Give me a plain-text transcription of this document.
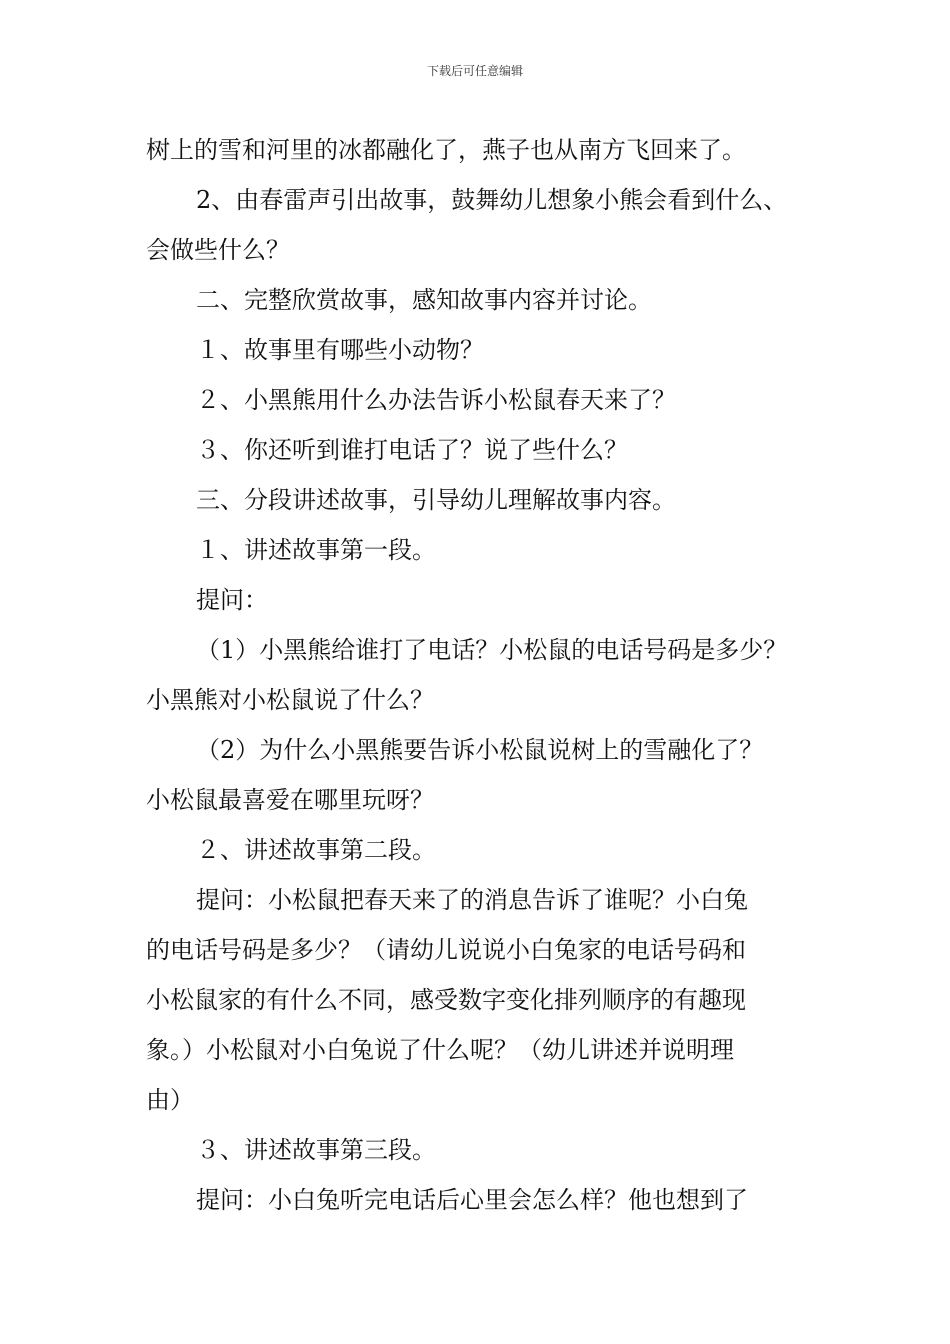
下载后可任意编辑

树上的雪和河里的冰都融化了，燕子也从南方飞回来了。

2、由春雷声引出故事，鼓舞幼儿想象小熊会看到什么、

会做些什么？

二、完整欣赏故事，感知故事内容并讨论。

１、故事里有哪些小动物？

２、小黑熊用什么办法告诉小松鼠春天来了？

３、你还听到谁打电话了？说了些什么？

三、分段讲述故事，引导幼儿理解故事内容。

１、讲述故事第一段。

提问：

（1）小黑熊给谁打了电话？小松鼠的电话号码是多少？

小黑熊对小松鼠说了什么？

（2）为什么小黑熊要告诉小松鼠说树上的雪融化了？

小松鼠最喜爱在哪里玩呀？

２、讲述故事第二段。

提问：小松鼠把春天来了的消息告诉了谁呢？小白兔

的电话号码是多少？（请幼儿说说小白兔家的电话号码和

小松鼠家的有什么不同，感受数字变化排列顺序的有趣现

象。）小松鼠对小白兔说了什么呢？（幼儿讲述并说明理

由）

３、讲述故事第三段。

提问：小白兔听完电话后心里会怎么样？他也想到了
